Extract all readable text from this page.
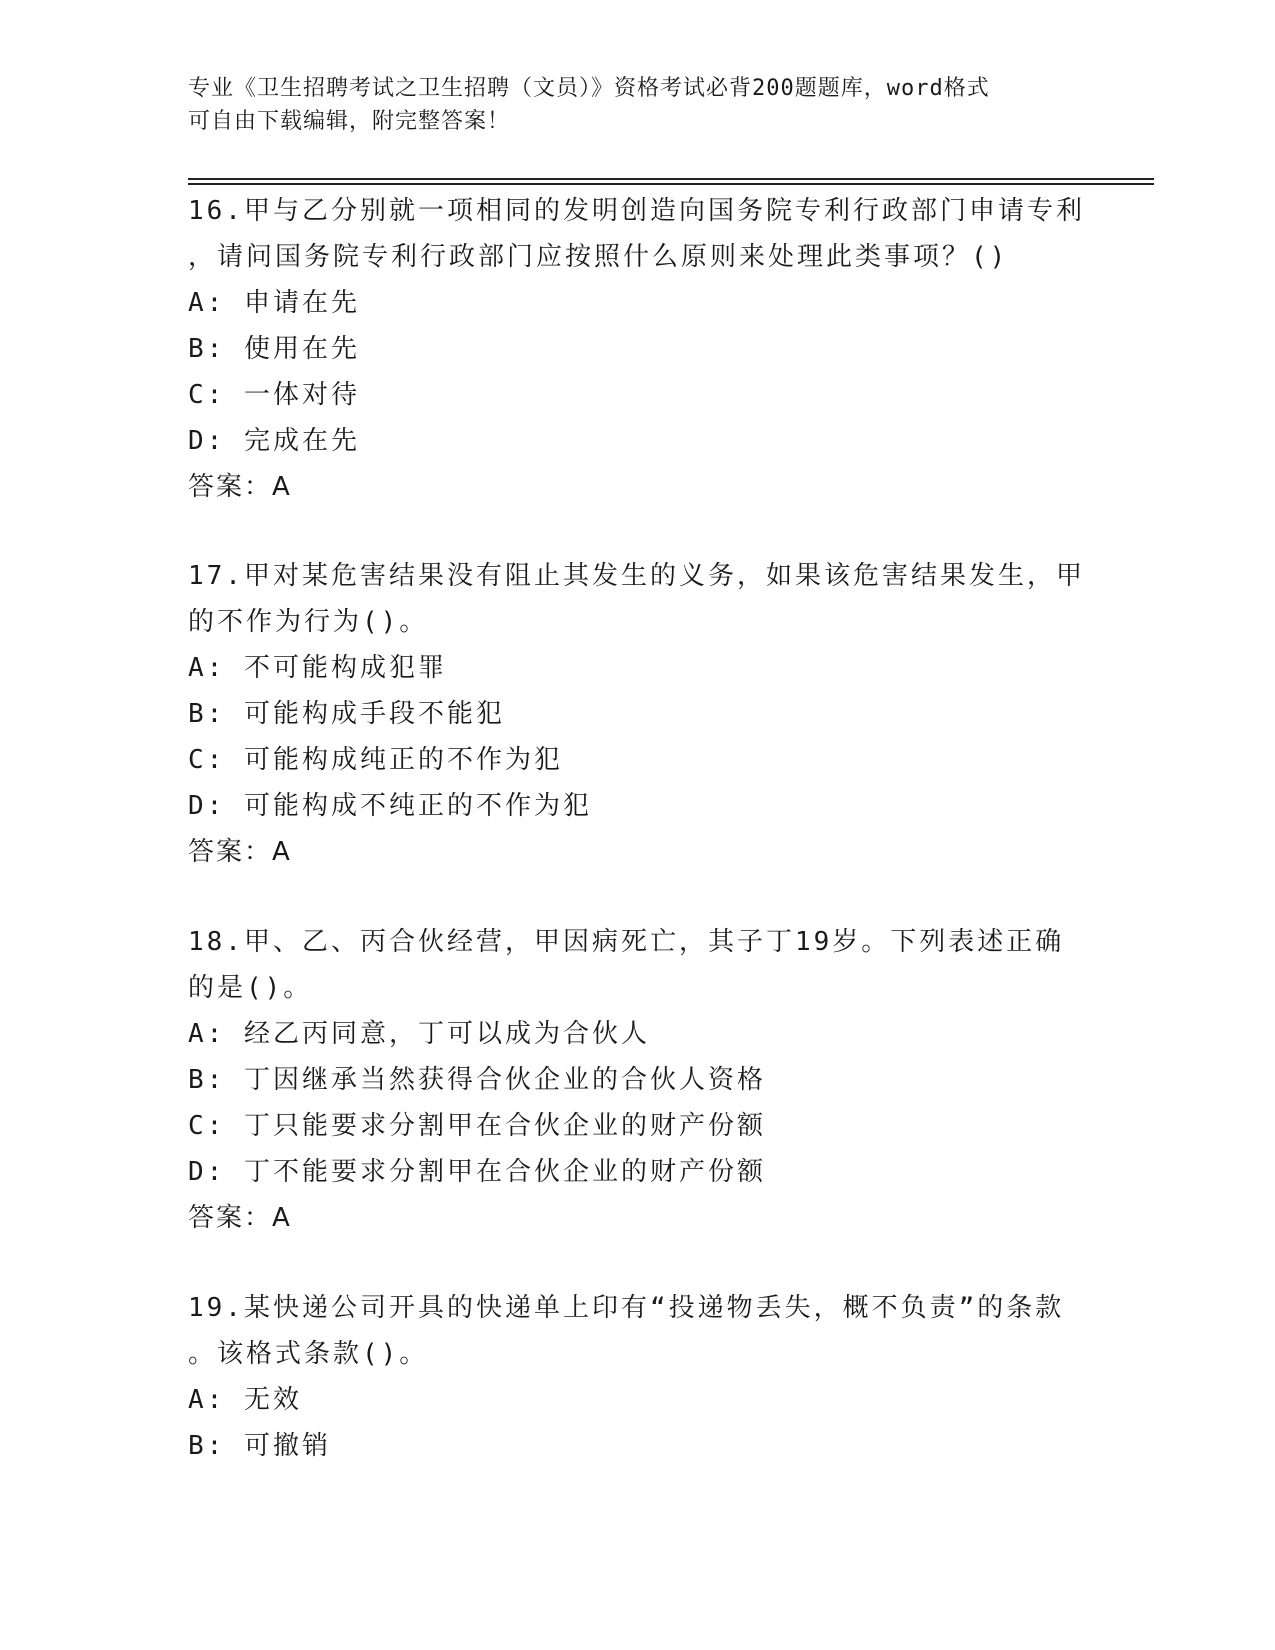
专业《卫生招聘考试之卫生招聘（文员）》资格考试必背200题题库，word格式
可自由下载编辑，附完整答案！
16.甲与乙分别就一项相同的发明创造向国务院专利行政部门申请专利
，请问国务院专利行政部门应按照什么原则来处理此类事项？()
A: 申请在先
B: 使用在先
C: 一体对待
D: 完成在先
答案：A
17.甲对某危害结果没有阻止其发生的义务，如果该危害结果发生，甲
的不作为行为()。
A: 不可能构成犯罪
B: 可能构成手段不能犯
C: 可能构成纯正的不作为犯
D: 可能构成不纯正的不作为犯
答案：A
18.甲、乙、丙合伙经营，甲因病死亡，其子丁19岁。下列表述正确
的是()。
A: 经乙丙同意，丁可以成为合伙人
B: 丁因继承当然获得合伙企业的合伙人资格
C: 丁只能要求分割甲在合伙企业的财产份额
D: 丁不能要求分割甲在合伙企业的财产份额
答案：A
19.某快递公司开具的快递单上印有“投递物丢失，概不负责”的条款
。该格式条款()。
A: 无效
B: 可撤销
